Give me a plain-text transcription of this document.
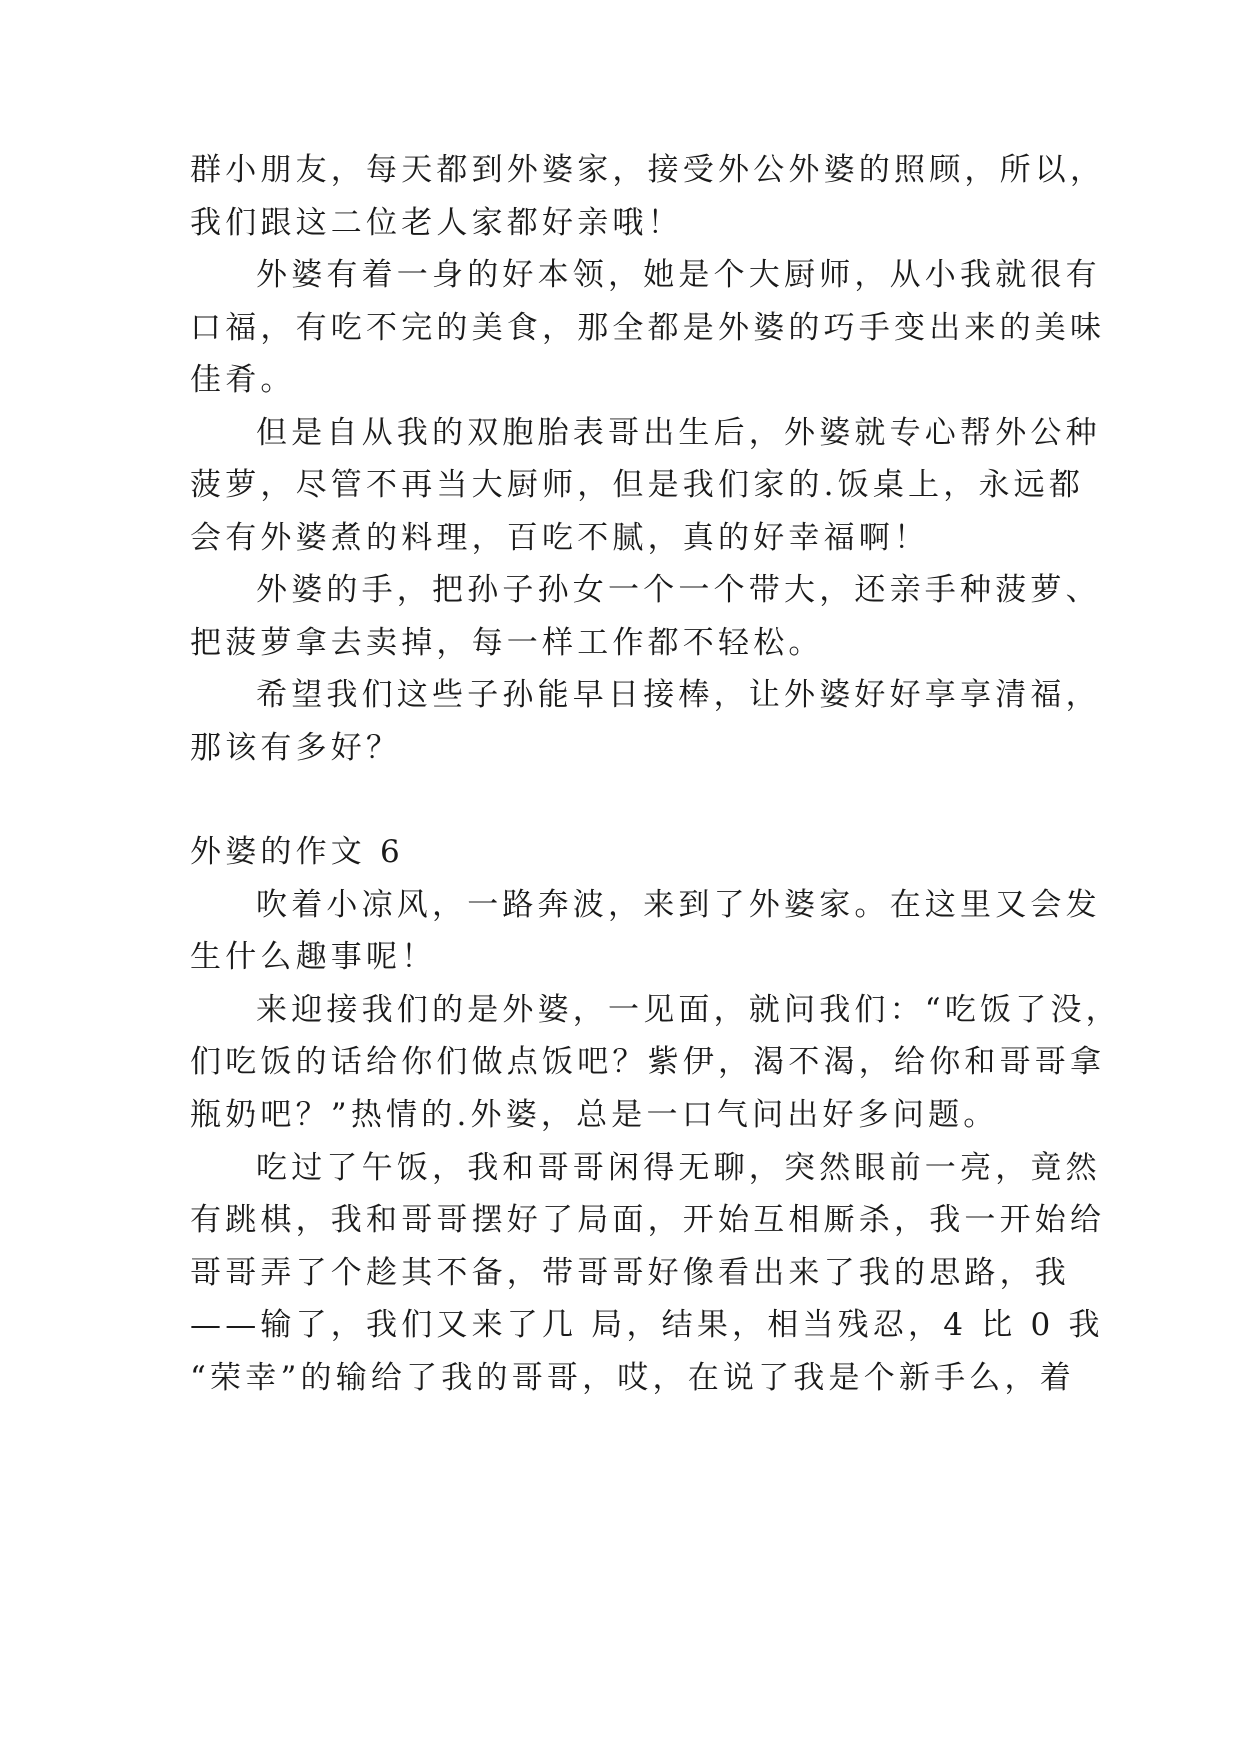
群小朋友，每天都到外婆家，接受外公外婆的照顾，所以，
我们跟这二位老人家都好亲哦！
外婆有着一身的好本领，她是个大厨师，从小我就很有
口福，有吃不完的美食，那全都是外婆的巧手变出来的美味
佳肴。
但是自从我的双胞胎表哥出生后，外婆就专心帮外公种
菠萝，尽管不再当大厨师，但是我们家的.饭桌上，永远都
会有外婆煮的料理，百吃不腻，真的好幸福啊！
外婆的手，把孙子孙女一个一个带大，还亲手种菠萝、
把菠萝拿去卖掉，每一样工作都不轻松。
希望我们这些子孙能早日接棒，让外婆好好享享清福，
那该有多好？
外婆的作文 6
吹着小凉风，一路奔波，来到了外婆家。在这里又会发
生什么趣事呢！
来迎接我们的是外婆，一见面，就问我们：“吃饭了没，
们吃饭的话给你们做点饭吧？紫伊，渴不渴，给你和哥哥拿
瓶奶吧？”热情的.外婆，总是一口气问出好多问题。
吃过了午饭，我和哥哥闲得无聊，突然眼前一亮，竟然
有跳棋，我和哥哥摆好了局面，开始互相厮杀，我一开始给
哥哥弄了个趁其不备，带哥哥好像看出来了我的思路，我
——输了，我们又来了几 局，结果，相当残忍，4 比 0 我
“荣幸”的输给了我的哥哥，哎，在说了我是个新手么，着
